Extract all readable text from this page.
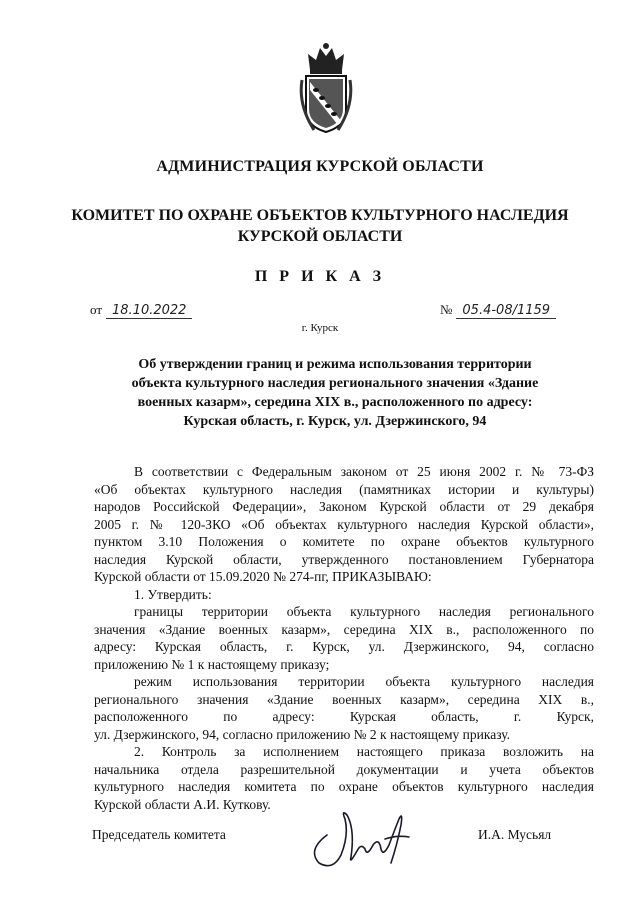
АДМИНИСТРАЦИЯ КУРСКОЙ ОБЛАСТИ
КОМИТЕТ ПО ОХРАНЕ ОБЪЕКТОВ КУЛЬТУРНОГО НАСЛЕДИЯ
КУРСКОЙ ОБЛАСТИ
П Р И К А З
от 18.10.2022	№ 05.4-08/1159
г. Курск
Об утверждении границ и режима использования территории
объекта культурного наследия регионального значения «Здание
военных казарм», середина XIX в., расположенного по адресу:
Курская область, г. Курск, ул. Дзержинского, 94
В соответствии с Федеральным законом от 25 июня 2002 г. № 73-ФЗ
«Об объектах культурного наследия (памятниках истории и культуры)
народов Российской Федерации», Законом Курской области от 29 декабря
2005 г. № 120-ЗКО «Об объектах культурного наследия Курской области»,
пунктом 3.10 Положения о комитете по охране объектов культурного
наследия Курской области, утвержденного постановлением Губернатора
Курской области от 15.09.2020 № 274-пг, ПРИКАЗЫВАЮ:
1. Утвердить:
границы территории объекта культурного наследия регионального
значения «Здание военных казарм», середина XIX в., расположенного по
адресу: Курская область, г. Курск, ул. Дзержинского, 94, согласно
приложению № 1 к настоящему приказу;
режим использования территории объекта культурного наследия
регионального значения «Здание военных казарм», середина XIX в.,
расположенного по адресу: Курская область, г. Курск,
ул. Дзержинского, 94, согласно приложению № 2 к настоящему приказу.
2. Контроль за исполнением настоящего приказа возложить на
начальника отдела разрешительной документации и учета объектов
культурного наследия комитета по охране объектов культурного наследия
Курской области А.И. Куткову.
Председатель комитета	И.А. Мусьял
